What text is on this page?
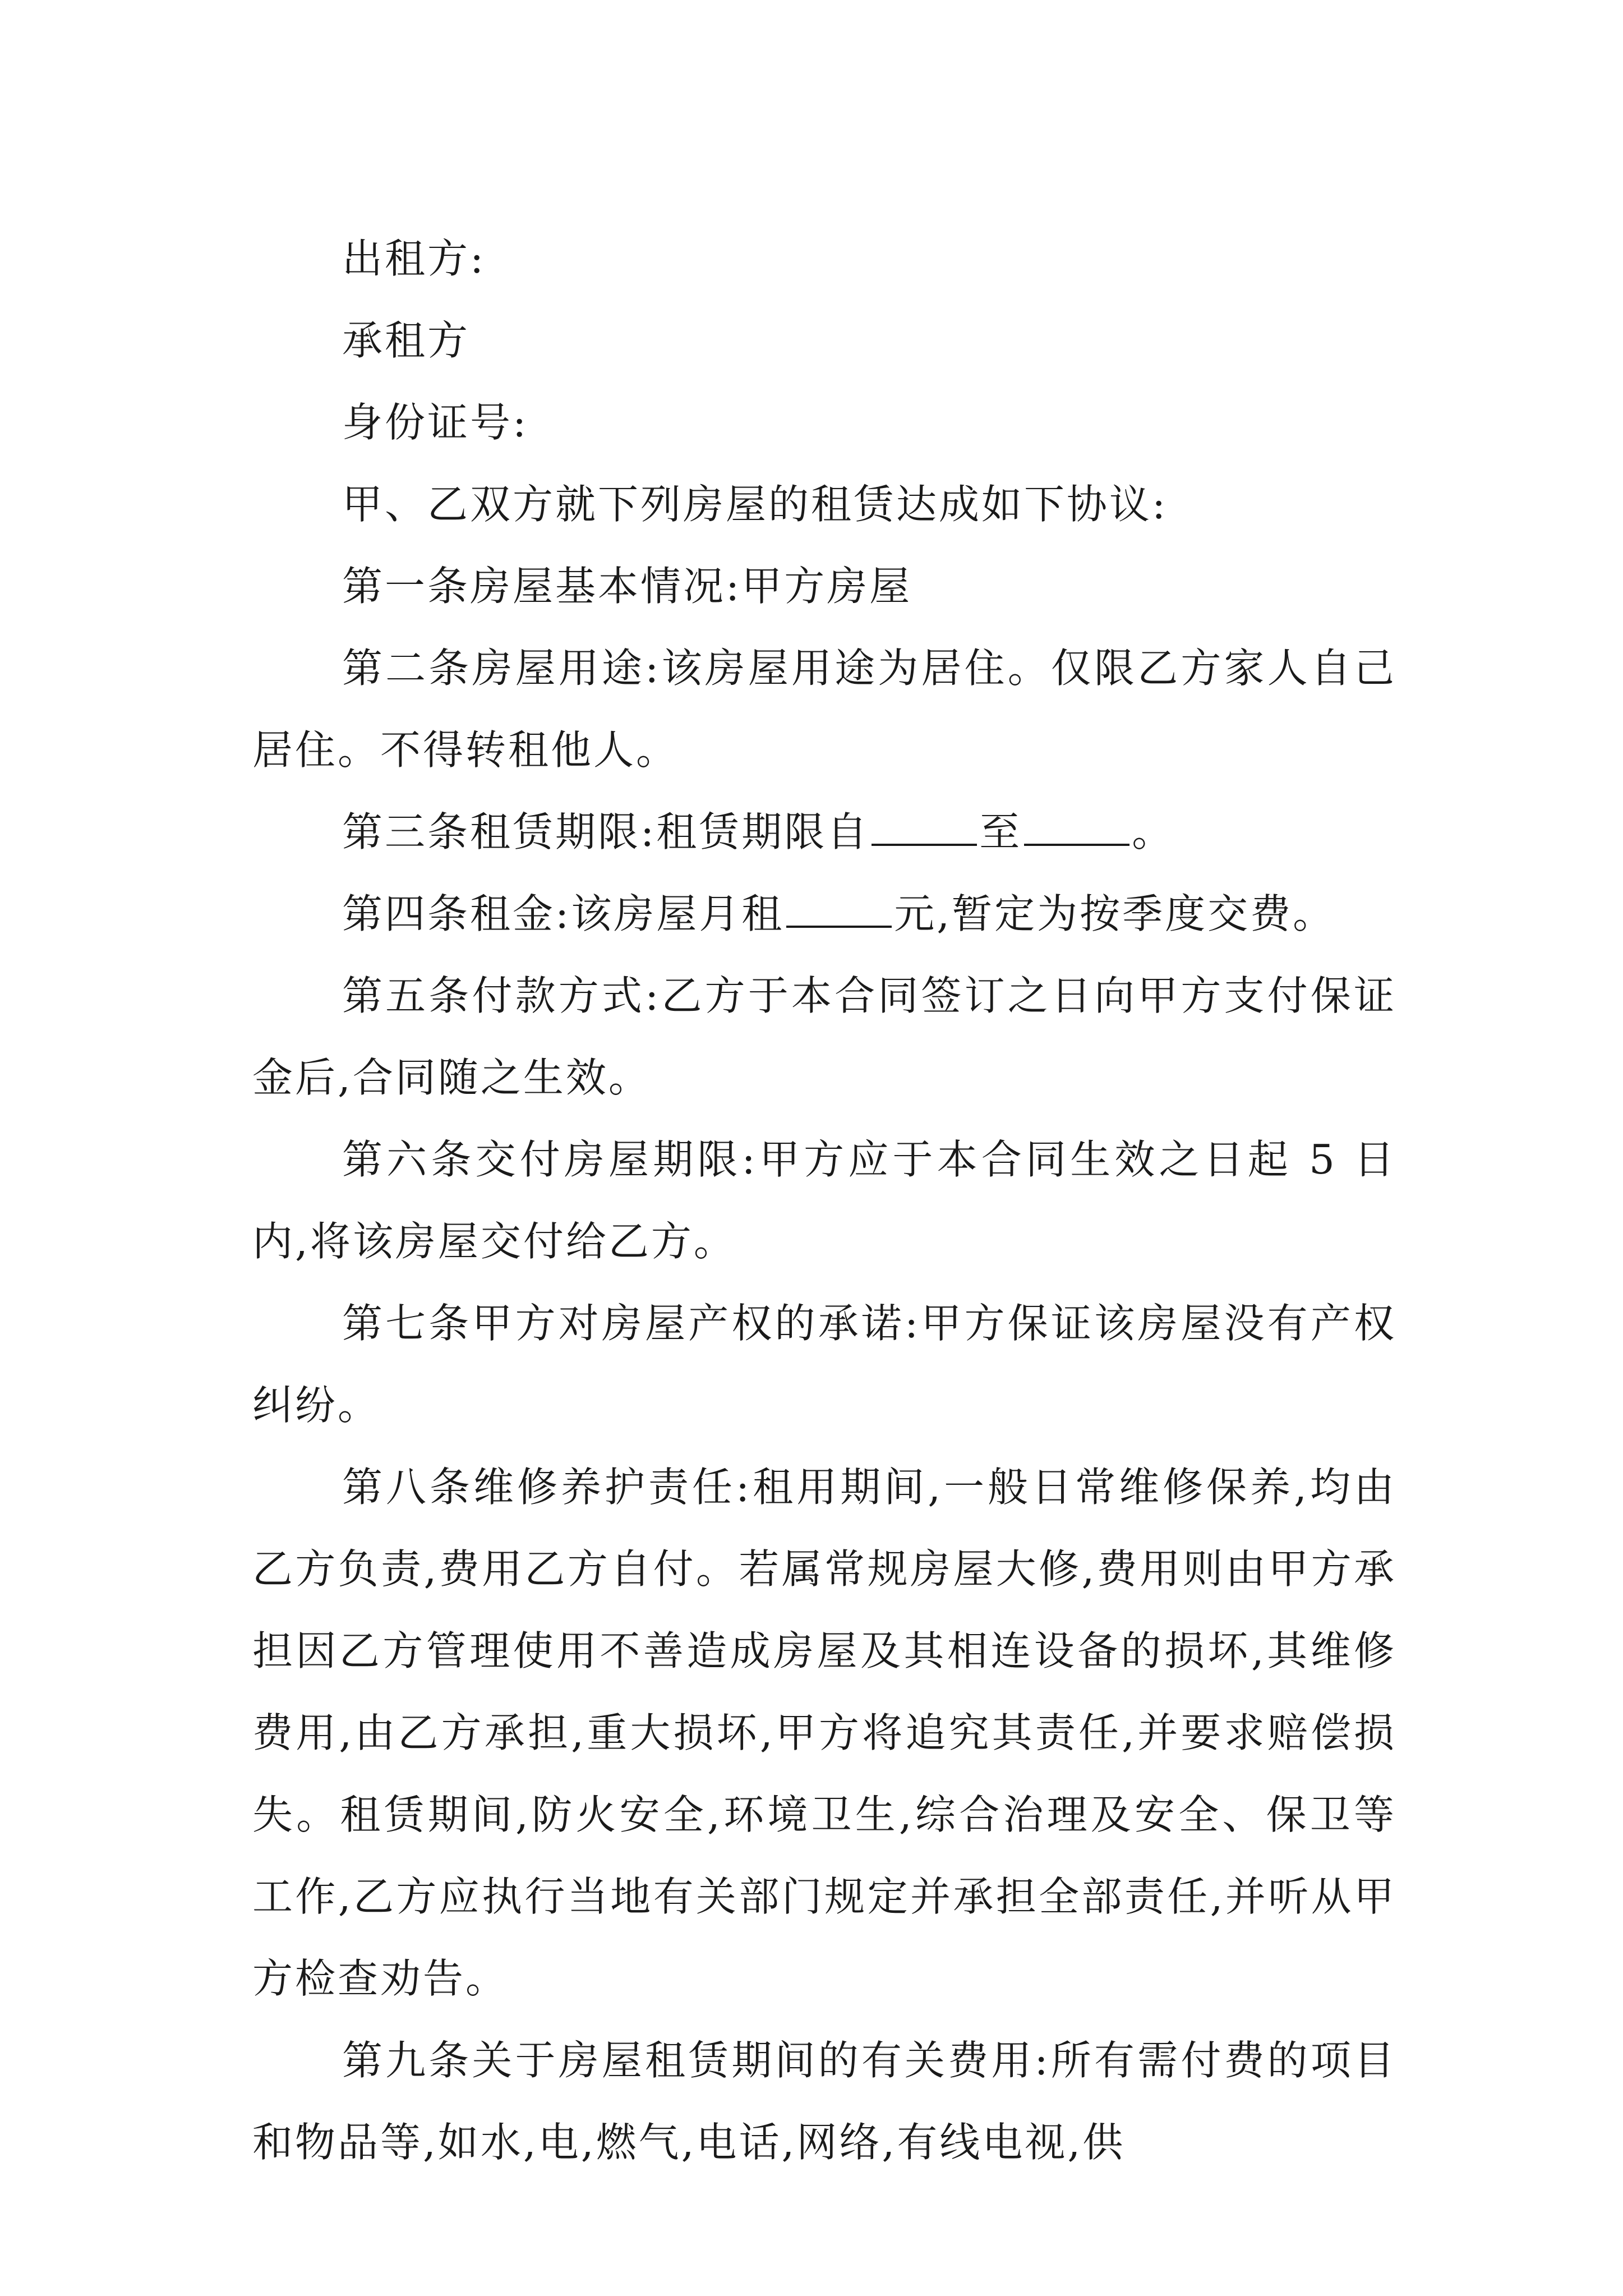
出租方:

承租方

身份证号:

甲、乙双方就下列房屋的租赁达成如下协议:

第一条房屋基本情况:甲方房屋

第二条房屋用途:该房屋用途为居住。仅限乙方家人自己居住。不得转租他人。

第三条租赁期限:租赁期限自	至	。

第四条租金:该房屋月租	元,暂定为按季度交费。

第五条付款方式:乙方于本合同签订之日向甲方支付保证金后,合同随之生效。

第六条交付房屋期限:甲方应于本合同生效之日起 5 日内,将该房屋交付给乙方。

第七条甲方对房屋产权的承诺:甲方保证该房屋没有产权纠纷。

第八条维修养护责任:租用期间,一般日常维修保养,均由乙方负责,费用乙方自付。若属常规房屋大修,费用则由甲方承担因乙方管理使用不善造成房屋及其相连设备的损坏,其维修费用,由乙方承担,重大损坏,甲方将追究其责任,并要求赔偿损失。租赁期间,防火安全,环境卫生,综合治理及安全、保卫等工作,乙方应执行当地有关部门规定并承担全部责任,并听从甲方检查劝告。

第九条关于房屋租赁期间的有关费用:所有需付费的项目和物品等,如水,电,燃气,电话,网络,有线电视,供
